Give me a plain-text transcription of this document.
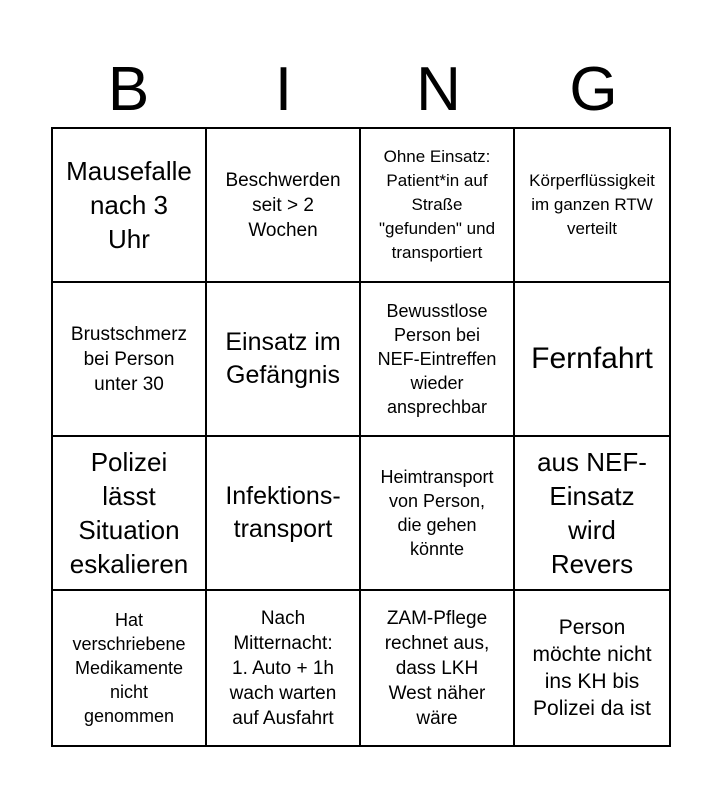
B	I	N	G
Mausefalle
nach 3
Uhr
Beschwerden
seit > 2
Wochen
Ohne Einsatz:
Patient*in auf
Straße
"gefunden" und
transportiert
Körperflüssigkeit
im ganzen RTW
verteilt
Brustschmerz
bei Person
unter 30
Einsatz im
Gefängnis
Bewusstlose
Person bei
NEF-Eintreffen
wieder
ansprechbar
Fernfahrt
Polizei
lässt
Situation
eskalieren
Infektions-
transport
Heimtransport
von Person,
die gehen
könnte
aus NEF-
Einsatz
wird
Revers
Hat
verschriebene
Medikamente
nicht
genommen
Nach
Mitternacht:
1. Auto + 1h
wach warten
auf Ausfahrt
ZAM-Pflege
rechnet aus,
dass LKH
West näher
wäre
Person
möchte nicht
ins KH bis
Polizei da ist
